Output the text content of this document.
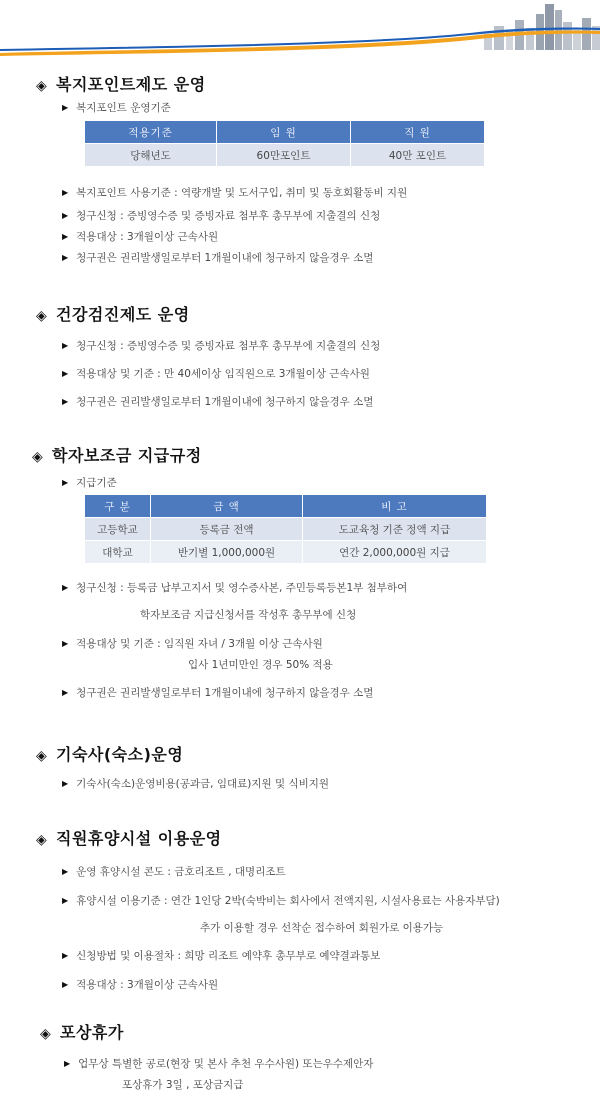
◈ 복지포인트제도 운영
▶ 복지포인트 운영기준
적용기준	임 원	직 원
당해년도	60만포인트	40만 포인트
▶ 복지포인트 사용기준 : 역량개발 및 도서구입, 취미 및 동호회활동비 지원
▶ 청구신청 : 증빙영수증 및 증빙자료 첨부후 총무부에 지출결의 신청
▶ 적용대상 : 3개월이상 근속사원
▶ 청구권은 권리발생일로부터 1개월이내에 청구하지 않을경우 소멸
◈ 건강검진제도 운영
▶ 청구신청 : 증빙영수증 및 증빙자료 첨부후 총무부에 지출결의 신청
▶ 적용대상 및 기준 : 만 40세이상 임직원으로 3개월이상 근속사원
▶ 청구권은 권리발생일로부터 1개월이내에 청구하지 않을경우 소멸
◈ 학자보조금 지급규정
▶ 지급기준
구 분	금 액	비 고
고등학교	등록금 전액	도교육청 기준 정액 지급
대학교	반기별 1,000,000원	연간 2,000,000원 지급
▶ 청구신청 : 등록금 납부고지서 및 영수증사본, 주민등록등본1부 첨부하여
학자보조금 지급신청서를 작성후 총무부에 신청
▶ 적용대상 및 기준 : 임직원 자녀 / 3개월 이상 근속사원
입사 1년미만인 경우 50% 적용
▶ 청구권은 권리발생일로부터 1개월이내에 청구하지 않을경우 소멸
◈ 기숙사(숙소)운영
▶ 기숙사(숙소)운영비용(공과금, 임대료)지원 및 식비지원
◈ 직원휴양시설 이용운영
▶ 운영 휴양시설 콘도 : 금호리조트 , 대명리조트
▶ 휴양시설 이용기준 : 연간 1인당 2박(숙박비는 회사에서 전액지원, 시설사용료는 사용자부담)
추가 이용할 경우 선착순 접수하여 회원가로 이용가능
▶ 신청방법 및 이용절차 : 희망 리조트 예약후 총무부로 예약결과통보
▶ 적용대상 : 3개월이상 근속사원
◈ 포상휴가
▶ 업무상 특별한 공로(현장 및 본사 추천 우수사원) 또는우수제안자
포상휴가 3일 , 포상금지급
